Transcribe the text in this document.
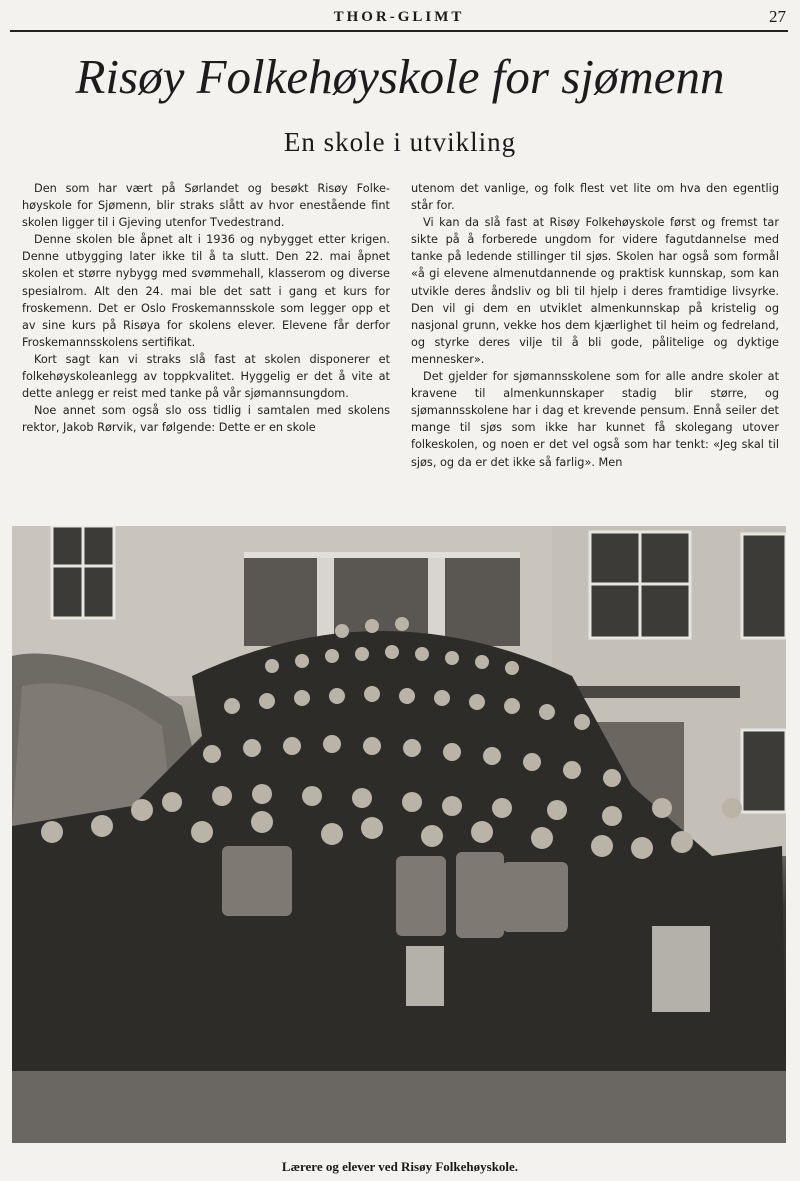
THOR-GLIMT	27
Risøy Folkehøyskole for sjømenn
En skole i utvikling

Den som har vært på Sørlandet og besøkt Risøy Folke-høyskole for Sjømenn, blir straks slått av hvor enestående fint skolen ligger til i Gjeving utenfor Tvedestrand.

Denne skolen ble åpnet alt i 1936 og nybygget etter krigen. Denne utbygging later ikke til å ta slutt. Den 22. mai åpnet skolen et større nybygg med svømmehall, klasserom og diverse spesialrom. Alt den 24. mai ble det satt i gang et kurs for froskemenn. Det er Oslo Froskemannsskole som legger opp et av sine kurs på Risøya for skolens elever. Elevene får derfor Froskemannsskolens sertifikat.

Kort sagt kan vi straks slå fast at skolen disponerer et folkehøyskoleanlegg av toppkvalitet. Hyggelig er det å vite at dette anlegg er reist med tanke på vår sjømannsungdom.

Noe annet som også slo oss tidlig i samtalen med skolens rektor, Jakob Rørvik, var følgende: Dette er en skole

utenom det vanlige, og folk flest vet lite om hva den egentlig står for.

Vi kan da slå fast at Risøy Folkehøyskole først og fremst tar sikte på å forberede ungdom for videre fagutdannelse med tanke på ledende stillinger til sjøs. Skolen har også som formål «å gi elevene almenutdannende og praktisk kunnskap, som kan utvikle deres åndsliv og bli til hjelp i deres framtidige livsyrke. Den vil gi dem en utviklet almenkunnskap på kristelig og nasjonal grunn, vekke hos dem kjærlighet til heim og fedreland, og styrke deres vilje til å bli gode, pålitelige og dyktige mennesker».

Det gjelder for sjømannsskolene som for alle andre skoler at kravene til almenkunnskaper stadig blir større, og sjømannsskolene har i dag et krevende pensum. Ennå seiler det mange til sjøs som ikke har kunnet få skolegang utover folkeskolen, og noen er det vel også som har tenkt: «Jeg skal til sjøs, og da er det ikke så farlig». Men

Lærere og elever ved Risøy Folkehøyskole.
